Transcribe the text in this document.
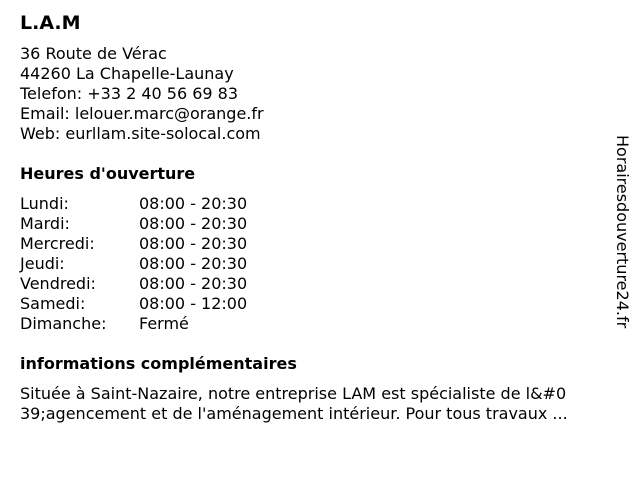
L.A.M
36 Route de Vérac
44260 La Chapelle-Launay
Telefon: +33 2 40 56 69 83
Email: lelouer.marc@orange.fr
Web: eurllam.site-solocal.com
Heures d'ouverture
Lundi:	08:00 - 20:30
Mardi:	08:00 - 20:30
Mercredi:	08:00 - 20:30
Jeudi:	08:00 - 20:30
Vendredi:	08:00 - 20:30
Samedi:	08:00 - 12:00
Dimanche: Fermé
informations complémentaires
Située à Saint-Nazaire, notre entreprise LAM est spécialiste de l&#0
39;agencement et de l'aménagement intérieur. Pour tous travaux ...
Horairesdouverture24.fr
